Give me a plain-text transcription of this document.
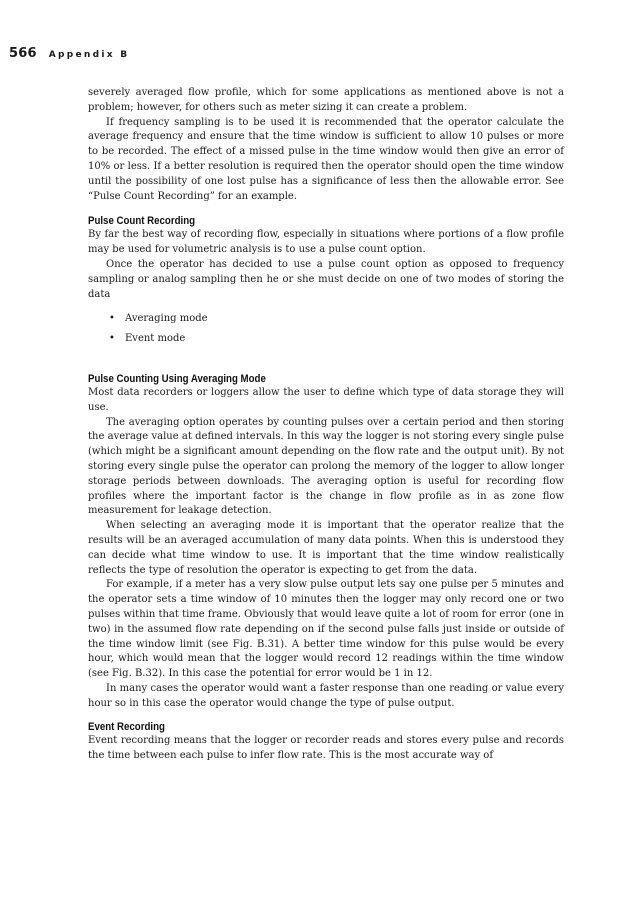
566 Appendix B

severely averaged flow profile, which for some applications as mentioned above is not a problem; however, for others such as meter sizing it can create a problem.

If frequency sampling is to be used it is recommended that the operator calculate the average frequency and ensure that the time window is sufficient to allow 10 pulses or more to be recorded. The effect of a missed pulse in the time window would then give an error of 10% or less. If a better resolution is required then the operator should open the time window until the possibility of one lost pulse has a significance of less then the allowable error. See “Pulse Count Recording” for an example.

Pulse Count Recording

By far the best way of recording flow, especially in situations where portions of a flow profile may be used for volumetric analysis is to use a pulse count option.

Once the operator has decided to use a pulse count option as opposed to frequency sampling or analog sampling then he or she must decide on one of two modes of storing the data

• Averaging mode
• Event mode
Pulse Counting Using Averaging Mode

Most data recorders or loggers allow the user to define which type of data storage they will use.

The averaging option operates by counting pulses over a certain period and then storing the average value at defined intervals. In this way the logger is not storing every single pulse (which might be a significant amount depending on the flow rate and the output unit). By not storing every single pulse the operator can prolong the memory of the logger to allow longer storage periods between downloads. The averaging option is useful for recording flow profiles where the important factor is the change in flow profile as in as zone flow measurement for leakage detection.

When selecting an averaging mode it is important that the operator realize that the results will be an averaged accumulation of many data points. When this is understood they can decide what time window to use. It is important that the time window realistically reflects the type of resolution the operator is expecting to get from the data.

For example, if a meter has a very slow pulse output lets say one pulse per 5 minutes and the operator sets a time window of 10 minutes then the logger may only record one or two pulses within that time frame. Obviously that would leave quite a lot of room for error (one in two) in the assumed flow rate depending on if the second pulse falls just inside or outside of the time window limit (see Fig. B.31). A better time window for this pulse would be every hour, which would mean that the logger would record 12 readings within the time window (see Fig. B.32). In this case the potential for error would be 1 in 12.

In many cases the operator would want a faster response than one reading or value every hour so in this case the operator would change the type of pulse output.

Event Recording

Event recording means that the logger or recorder reads and stores every pulse and records the time between each pulse to infer flow rate. This is the most accurate way of
